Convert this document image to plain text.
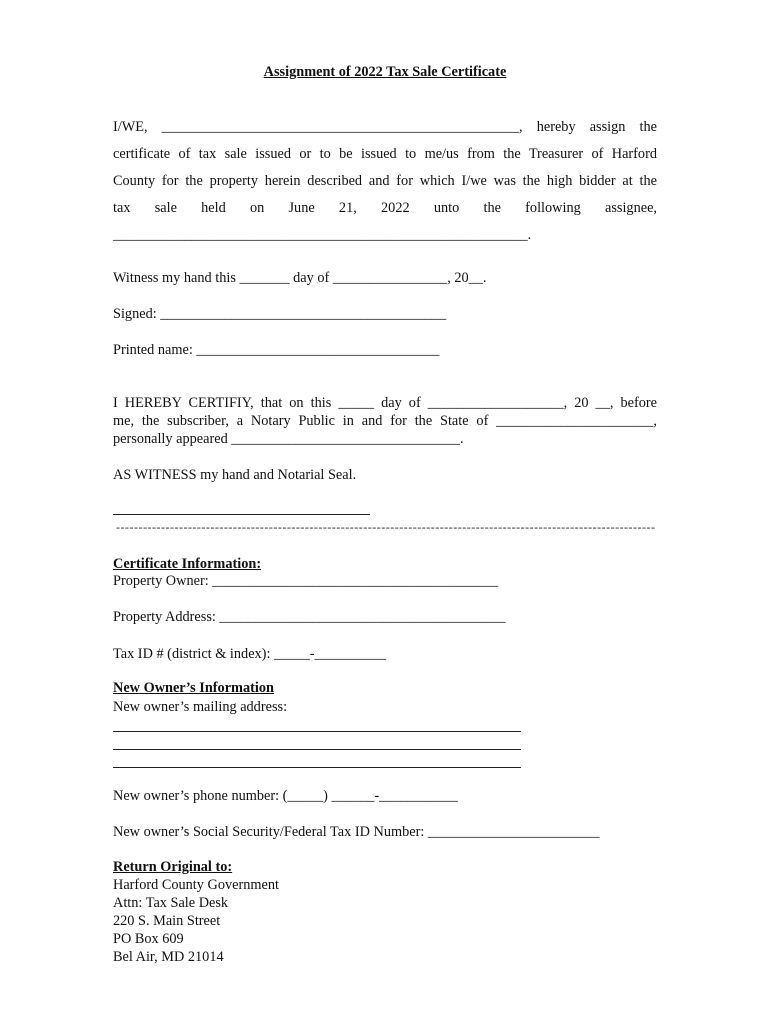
Assignment of 2022 Tax Sale Certificate
I/WE, __________________________________________________, hereby assign the
certificate of tax sale issued or to be issued to me/us from the Treasurer of Harford
County for the property herein described and for which I/we was the high bidder at the
tax sale held on June 21, 2022 unto the following assignee,
__________________________________________________________.
Witness my hand this _______ day of ________________, 20__.
Signed: ________________________________________
Printed name: __________________________________
I HEREBY CERTIFIY, that on this _____ day of ___________________, 20 __, before
me, the subscriber, a Notary Public in and for the State of ______________________,
personally appeared ________________________________.
AS WITNESS my hand and Notarial Seal.
------------------------------------------------------------------------------------------------------------------------
Certificate Information:
Property Owner: ________________________________________
Property Address: ________________________________________
Tax ID # (district & index): _____-__________
New Owner’s Information
New owner’s mailing address:
New owner’s phone number: (_____) ______-___________
New owner’s Social Security/Federal Tax ID Number: ________________________
Return Original to:
Harford County Government
Attn: Tax Sale Desk
220 S. Main Street
PO Box 609
Bel Air, MD 21014
